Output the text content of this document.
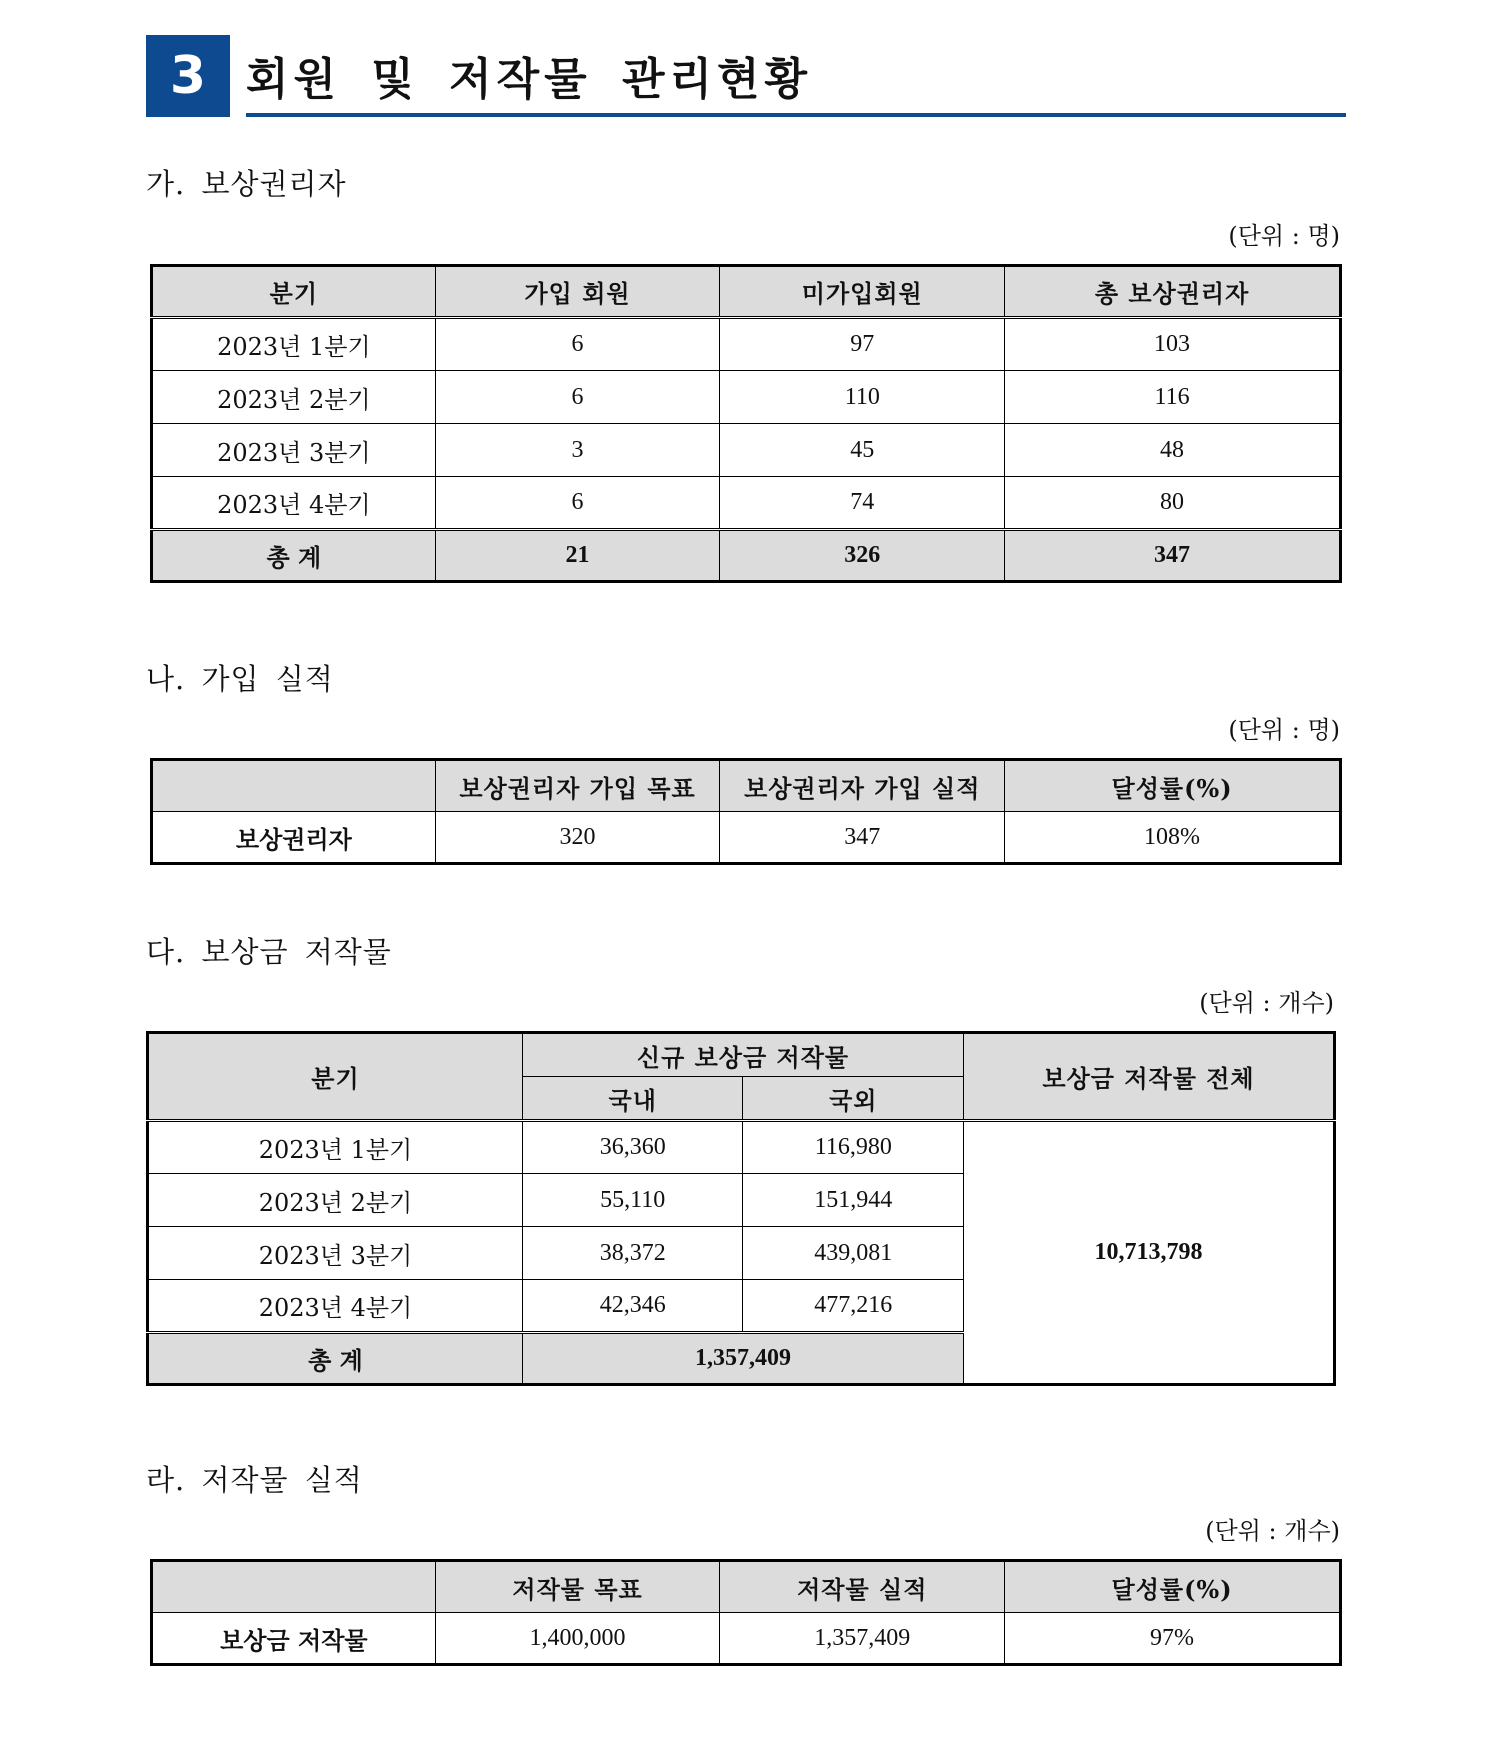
3 회원 및 저작물 관리현황
가. 보상권리자
(단위 : 명)
분기	가입 회원	미가입회원	총 보상권리자
2023년 1분기	6	97	103
2023년 2분기	6	110	116
2023년 3분기	3	45	48
2023년 4분기	6	74	80
총 계	21	326	347
나. 가입 실적
(단위 : 명)
	보상권리자 가입 목표	보상권리자 가입 실적	달성률(%)
보상권리자	320	347	108%
다. 보상금 저작물
(단위 : 개수)
분기	신규 보상금 저작물		보상금 저작물 전체
	국내	국외	
2023년 1분기	36,360	116,980	10,713,798
2023년 2분기	55,110	151,944	
2023년 3분기	38,372	439,081	
2023년 4분기	42,346	477,216	
총 계	1,357,409		
라. 저작물 실적
(단위 : 개수)
	저작물 목표	저작물 실적	달성률(%)
보상금 저작물	1,400,000	1,357,409	97%
